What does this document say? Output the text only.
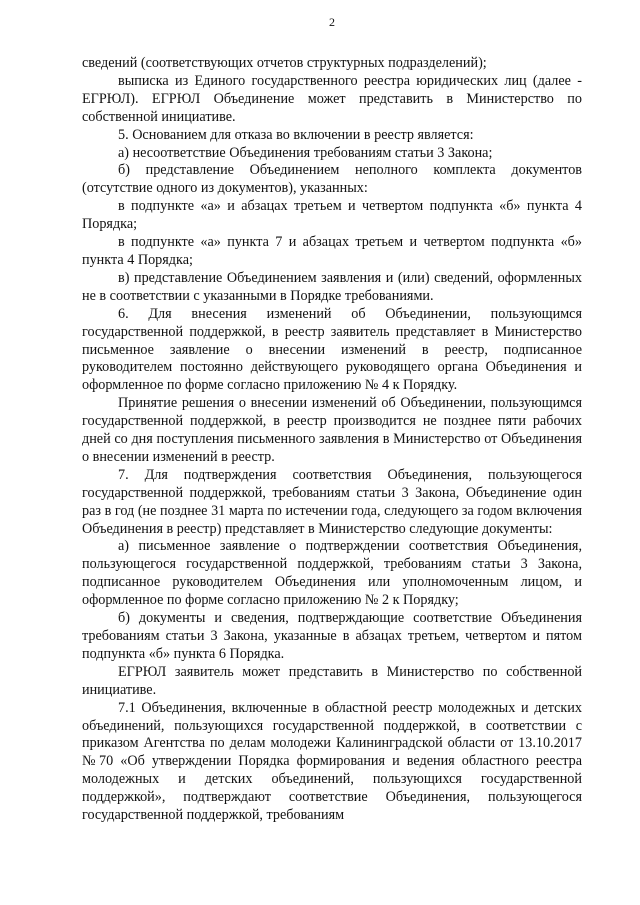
2

сведений (соответствующих отчетов структурных подразделений);

выписка из Единого государственного реестра юридических лиц (далее - ЕГРЮЛ). ЕГРЮЛ Объединение может представить в Министерство по собственной инициативе.

5. Основанием для отказа во включении в реестр является:

а) несоответствие Объединения требованиям статьи 3 Закона;

б) представление Объединением неполного комплекта документов (отсутствие одного из документов), указанных:

в подпункте «а» и абзацах третьем и четвертом подпункта «б» пункта 4 Порядка;

в подпункте «а» пункта 7 и абзацах третьем и четвертом подпункта «б» пункта 4 Порядка;

в) представление Объединением заявления и (или) сведений, оформленных не в соответствии с указанными в Порядке требованиями.

6. Для внесения изменений об Объединении, пользующимся государственной поддержкой, в реестр заявитель представляет в Министерство письменное заявление о внесении изменений в реестр, подписанное руководителем постоянно действующего руководящего органа Объединения и оформленное по форме согласно приложению № 4 к Порядку.

Принятие решения о внесении изменений об Объединении, пользующимся государственной поддержкой, в реестр производится не позднее пяти рабочих дней со дня поступления письменного заявления в Министерство от Объединения о внесении изменений в реестр.

7. Для подтверждения соответствия Объединения, пользующегося государственной поддержкой, требованиям статьи 3 Закона, Объединение один раз в год (не позднее 31 марта по истечении года, следующего за годом включения Объединения в реестр) представляет в Министерство следующие документы:

а) письменное заявление о подтверждении соответствия Объединения, пользующегося государственной поддержкой, требованиям статьи 3 Закона, подписанное руководителем Объединения или уполномоченным лицом, и оформленное по форме согласно приложению № 2 к Порядку;

б) документы и сведения, подтверждающие соответствие Объединения требованиям статьи 3 Закона, указанные в абзацах третьем, четвертом и пятом подпункта «б» пункта 6 Порядка.

ЕГРЮЛ заявитель может представить в Министерство по собственной инициативе.

7.1 Объединения, включенные в областной реестр молодежных и детских объединений, пользующихся государственной поддержкой, в соответствии с приказом Агентства по делам молодежи Калининградской области от 13.10.2017 №70 «Об утверждении Порядка формирования и ведения областного реестра молодежных и детских объединений, пользующихся государственной поддержкой», подтверждают соответствие Объединения, пользующегося государственной поддержкой, требованиям
